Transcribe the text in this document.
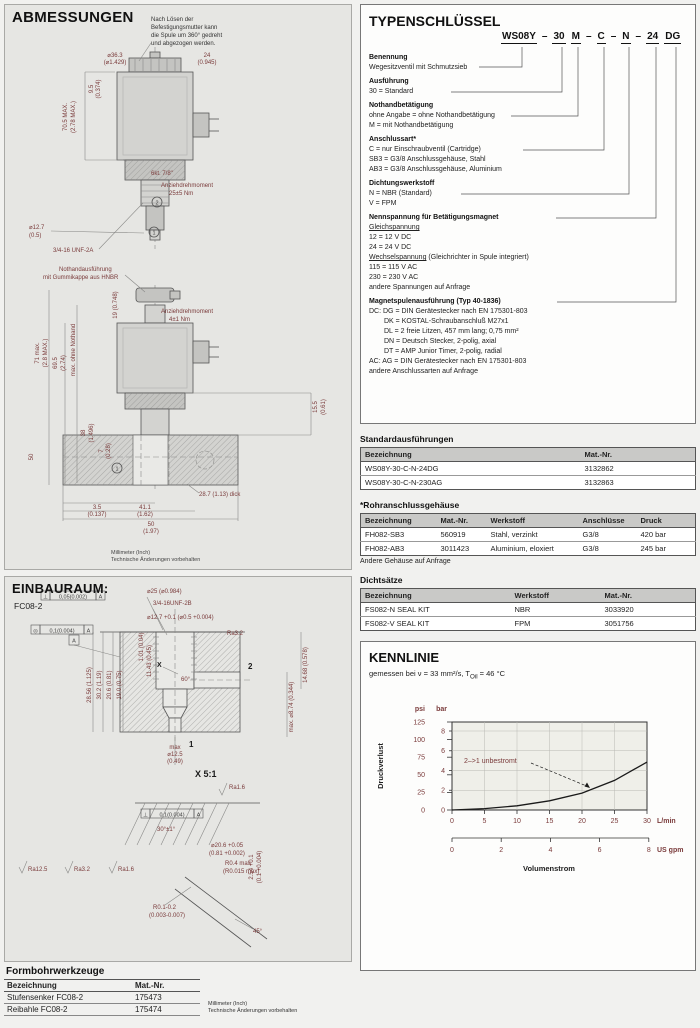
ABMESSUNGEN	Nach Lösen der
Befestigungsmutter kann
die Spule um 360° gedreht
und abgezogen werden.
⌀36.3
(⌀1.429)
24
(0.945)
70.5 MAX. (2.78 MAX.)
9.5 (0.374)
6kt. 7/8"
Anziehdrehmoment
25±5 Nm
2
1
⌀12.7
(0.5)
3/4-16 UNF-2A
Nothandausführung
mit Gummikappe aus HNBR
19 (0.748)	Anziehdrehmoment
4±1 Nm
71 max. (2.8 MAX.) 69.5 (2.74) max. ohne Nothand
15.5 (0.61)
38 (1.496)
7 (0.28)
50
3.5
(0.137)
41.1
(1.62)
50
(1.97)
28.7 (1.13) dick
1
Millimeter (Inch)
Technische Änderungen vorbehalten
EINBAURAUM:
FC08-2
⌀25 (⌀0.984)
3/4-16UNF-2B
⊥ 0,05(0.002) A
⌀12.7 +0.1 (⌀0.5 +0.004)
◎ 0,1(0.004) A
1.01 (0.04)
A
Ra3.2
11.43 (0.45) X
28.56 (1.125) 30.2 (1.19) 20.6 (0.81) 19.0 (0.75)	60°
2
1
14.68 (0.578)
max. ⌀8.74 (0.344)
max
⌀12.5
(0.49)
X 5:1
Ra1.6
⊥ 0,1(0.004) A
30°±1°
⌀20.6 +0.05
(0.81 +0.002)
R0.4 max
(R0.015 max)
Ra12.5	Ra3.2	Ra1.6	2.54 +0.1 (0.1 +0.004)
R0.1-0.2
(0.003-0.007)
45°
Formbohrwerkzeuge
Bezeichnung	Mat.-Nr.
Stufensenker FC08-2	175473
Reibahle FC08-2	175474
Millimeter (Inch)
Technische Änderungen vorbehalten
TYPENSCHLÜSSEL
WS08Y – 30 M – C – N – 24 DG
Benennung
Wegesitzventil mit Schmutzsieb
Ausführung
30 = Standard
Nothandbetätigung
ohne Angabe = ohne Nothandbetätigung
M = mit Nothandbetätigung
Anschlussart*
C = nur Einschraubventil (Cartridge)
SB3 = G3/8 Anschlussgehäuse, Stahl
AB3 = G3/8 Anschlussgehäuse, Aluminium
Dichtungswerkstoff
N = NBR (Standard)
V = FPM
Nennspannung für Betätigungsmagnet
Gleichspannung
12 = 12 V DC
24 = 24 V DC
Wechselspannung (Gleichrichter in Spule integriert)
115 = 115 V AC
230 = 230 V AC
andere Spannungen auf Anfrage
Magnetspulenausführung (Typ 40-1836)
DC: DG = DIN Gerätestecker nach EN 175301-803
DK = KOSTAL-Schraubanschluß M27x1
DL = 2 freie Litzen, 457 mm lang; 0,75 mm²
DN = Deutsch Stecker, 2-polig, axial
DT = AMP Junior Timer, 2-polig, radial
AC: AG = DIN Gerätestecker nach EN 175301-803
andere Anschlussarten auf Anfrage
Standardausführungen
Bezeichnung	Mat.-Nr.
WS08Y-30-C-N-24DG	3132862
WS08Y-30-C-N-230AG	3132863
*Rohranschlussgehäuse
Bezeichnung	Mat.-Nr.	Werkstoff	Anschlüsse	Druck
FH082-SB3	560919	Stahl, verzinkt	G3/8	420 bar
FH082-AB3	3011423	Aluminium, eloxiert	G3/8	245 bar
Andere Gehäuse auf Anfrage
Dichtsätze
Bezeichnung	Werkstoff	Mat.-Nr.
FS082-N SEAL KIT	NBR	3033920
FS082-V SEAL KIT	FPM	3051756
KENNLINIE
gemessen bei ν = 33 mm²/s, $T_{Oil} = 46$ °C
2–>1 unbestromt
psi bar
125
100
75
50
25
0
8
6
4
2
0
0	5	10	15	20	25	30 L/min
0	2	4	6	8 US gpm
Volumenstrom
Druckverlust
